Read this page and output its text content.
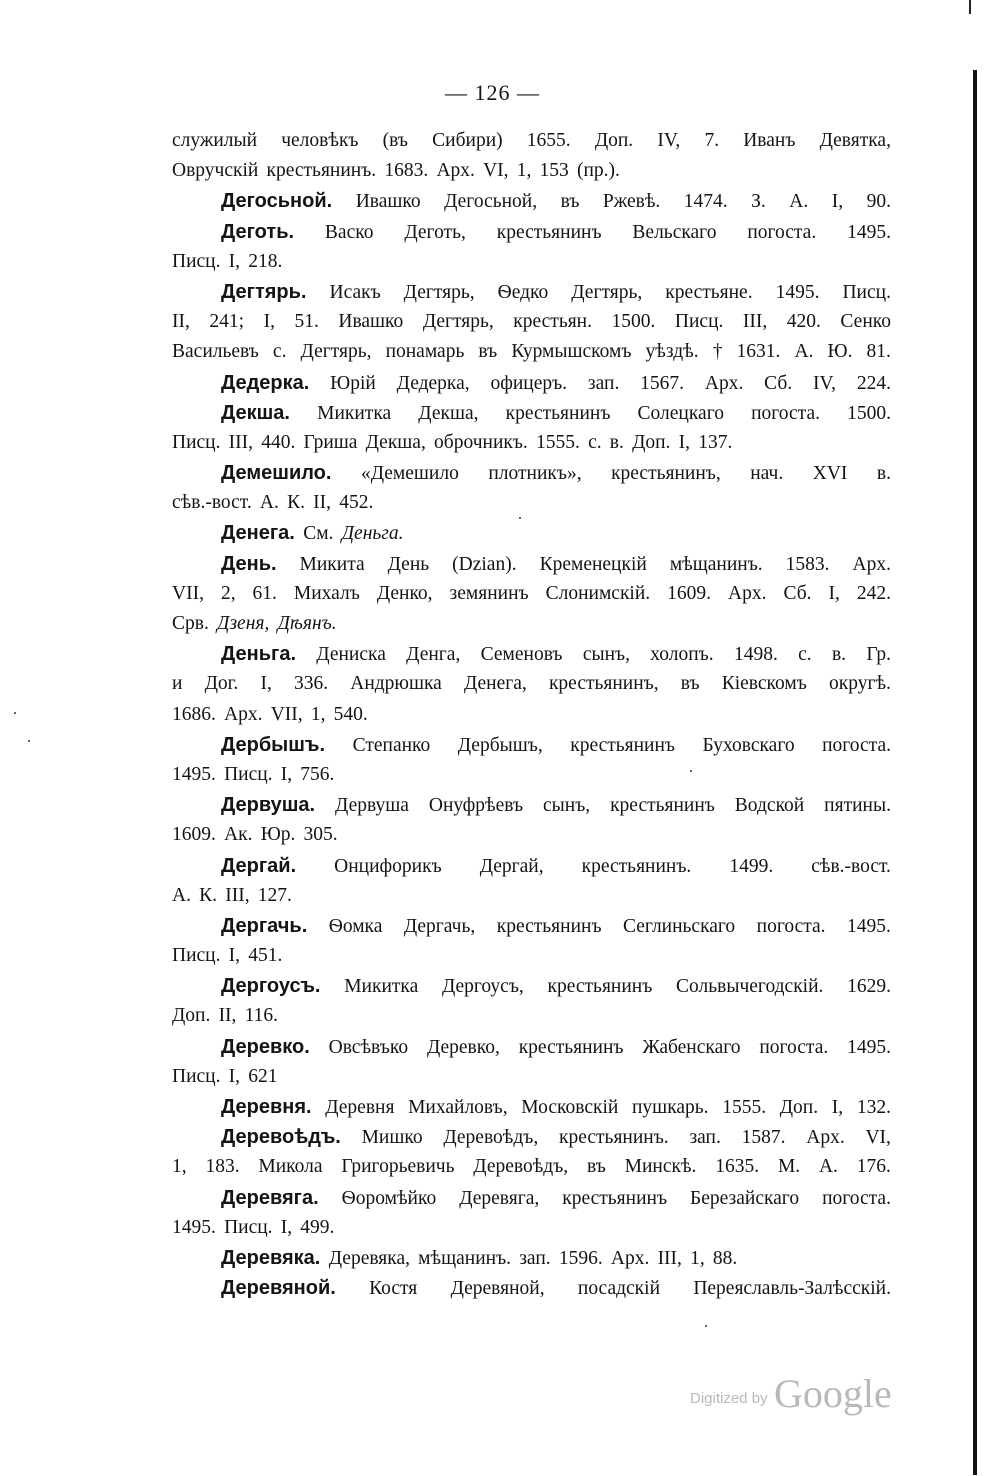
— 126 —
служилый человѣкъ (въ Сибири) 1655. Доп. IV, 7. Иванъ Девятка,
Овручскій крестьянинъ. 1683. Арх. VI, 1, 153 (пр.).
Дегосьной. Ивашко Дегосьной, въ Ржевѣ. 1474. З. А. I, 90.
Деготь. Васко Деготь, крестьянинъ Вельскаго погоста. 1495.
Писц. I, 218.
Дегтярь. Исакъ Дегтярь, Ѳедко Дегтярь, крестьяне. 1495. Писц.
II, 241; I, 51. Ивашко Дегтярь, крестьян. 1500. Писц. III, 420. Сенко
Васильевъ с. Дегтярь, понамарь въ Курмышскомъ уѣздѣ. † 1631. А. Ю. 81.
Дедерка. Юрій Дедерка, офицеръ. зап. 1567. Арх. Сб. IV, 224.
Декша. Микитка Декша, крестьянинъ Солецкаго погоста. 1500.
Писц. III, 440. Гриша Декша, оброчникъ. 1555. с. в. Доп. I, 137.
Демешило. «Демешило плотникъ», крестьянинъ, нач. XVI в.
сѣв.-вост. А. К. II, 452.
Денега. См. Деньга.
День. Микита День (Dzian). Кременецкій мѣщанинъ. 1583. Арх.
VII, 2, 61. Михалъ Денко, земянинъ Слонимскій. 1609. Арх. Сб. I, 242.
Срв. Дзеня, Дѣянъ.
Деньга. Дениска Денга, Семеновъ сынъ, холопъ. 1498. с. в. Гр.
и Дог. I, 336. Андрюшка Денега, крестьянинъ, въ Кіевскомъ округѣ.
1686. Арх. VII, 1, 540.
Дербышъ. Степанко Дербышъ, крестьянинъ Буховскаго погоста.
1495. Писц. I, 756.
Дервуша. Дервуша Онуфрѣевъ сынъ, крестьянинъ Водской пятины.
1609. Ак. Юр. 305.
Дергай. Онцифорикъ Дергай, крестьянинъ. 1499. сѣв.-вост.
А. К. III, 127.
Дергачь. Ѳомка Дергачь, крестьянинъ Сеглиньскаго погоста. 1495.
Писц. I, 451.
Дергоусъ. Микитка Дергоусъ, крестьянинъ Сольвычегодскій. 1629.
Доп. II, 116.
Деревко. Овсѣвъко Деревко, крестьянинъ Жабенскаго погоста. 1495.
Писц. I, 621
Деревня. Деревня Михайловъ, Московскій пушкарь. 1555. Доп. I, 132.
Деревоѣдъ. Мишко Деревоѣдъ, крестьянинъ. зап. 1587. Арх. VI,
1, 183. Микола Григорьевичь Деревоѣдъ, въ Минскѣ. 1635. М. А. 176.
Деревяга. Ѳоромѣйко Деревяга, крестьянинъ Березайскаго погоста.
1495. Писц. I, 499.
Деревяка. Деревяка, мѣщанинъ. зап. 1596. Арх. III, 1, 88.
Деревяной. Костя Деревяной, посадскій Переяславль-Залѣсскій.
Digitized by Google
